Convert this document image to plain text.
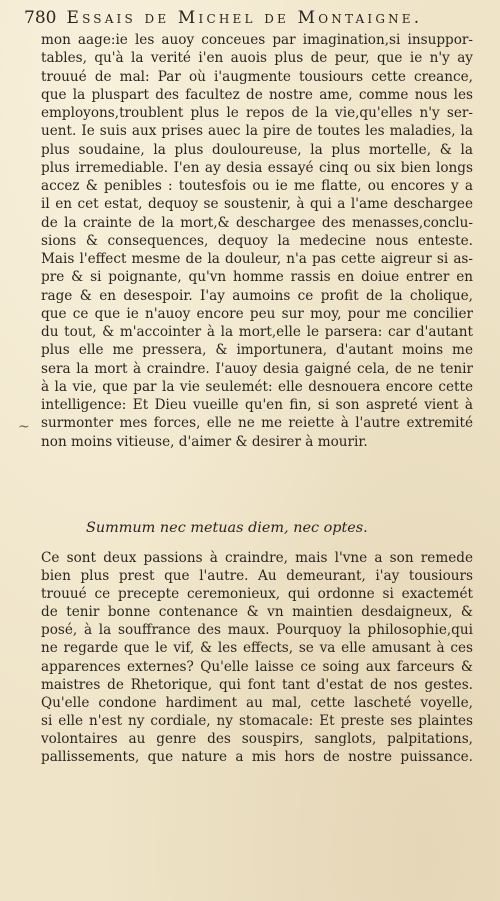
780 Essais de Michel de Montaigne.
mon aage:ie les auoy conceues par imagination,si insuppor-
tables, qu'à la verité i'en auois plus de peur, que ie n'y ay
trouué de mal: Par où i'augmente tousiours cette creance,
que la pluspart des facultez de nostre ame, comme nous les
employons,troublent plus le repos de la vie,qu'elles n'y ser-
uent. Ie suis aux prises auec la pire de toutes les maladies, la
plus soudaine, la plus douloureuse, la plus mortelle, & la
plus irremediable. I'en ay desia essayé cinq ou six bien longs
accez & penibles : toutesfois ou ie me flatte, ou encores y a
il en cet estat, dequoy se soustenir, à qui a l'ame deschargee
de la crainte de la mort,& deschargee des menasses,conclu-
sions & consequences, dequoy la medecine nous enteste.
Mais l'effect mesme de la douleur, n'a pas cette aigreur si as-
pre & si poignante, qu'vn homme rassis en doiue entrer en
rage & en desespoir. I'ay aumoins ce profit de la cholique,
que ce que ie n'auoy encore peu sur moy, pour me concilier
du tout, & m'accointer à la mort,elle le parsera: car d'autant
plus elle me pressera, & importunera, d'autant moins me
sera la mort à craindre. I'auoy desia gaigné cela, de ne tenir
à la vie, que par la vie seulemét: elle desnouera encore cette
intelligence: Et Dieu vueille qu'en fin, si son aspreté vient à
surmonter mes forces, elle ne me reiette à l'autre extremité
non moins vitieuse, d'aimer & desirer à mourir.
~
Summum nec metuas diem, nec optes.
Ce sont deux passions à craindre, mais l'vne a son remede
bien plus prest que l'autre. Au demeurant, i'ay tousiours
trouué ce precepte ceremonieux, qui ordonne si exactemét
de tenir bonne contenance & vn maintien desdaigneux, &
posé, à la souffrance des maux. Pourquoy la philosophie,qui
ne regarde que le vif, & les effects, se va elle amusant à ces
apparences externes? Qu'elle laisse ce soing aux farceurs &
maistres de Rhetorique, qui font tant d'estat de nos gestes.
Qu'elle condone hardiment au mal, cette lascheté voyelle,
si elle n'est ny cordiale, ny stomacale: Et preste ses plaintes
volontaires au genre des souspirs, sanglots, palpitations,
pallissements, que nature a mis hors de nostre puissance.
